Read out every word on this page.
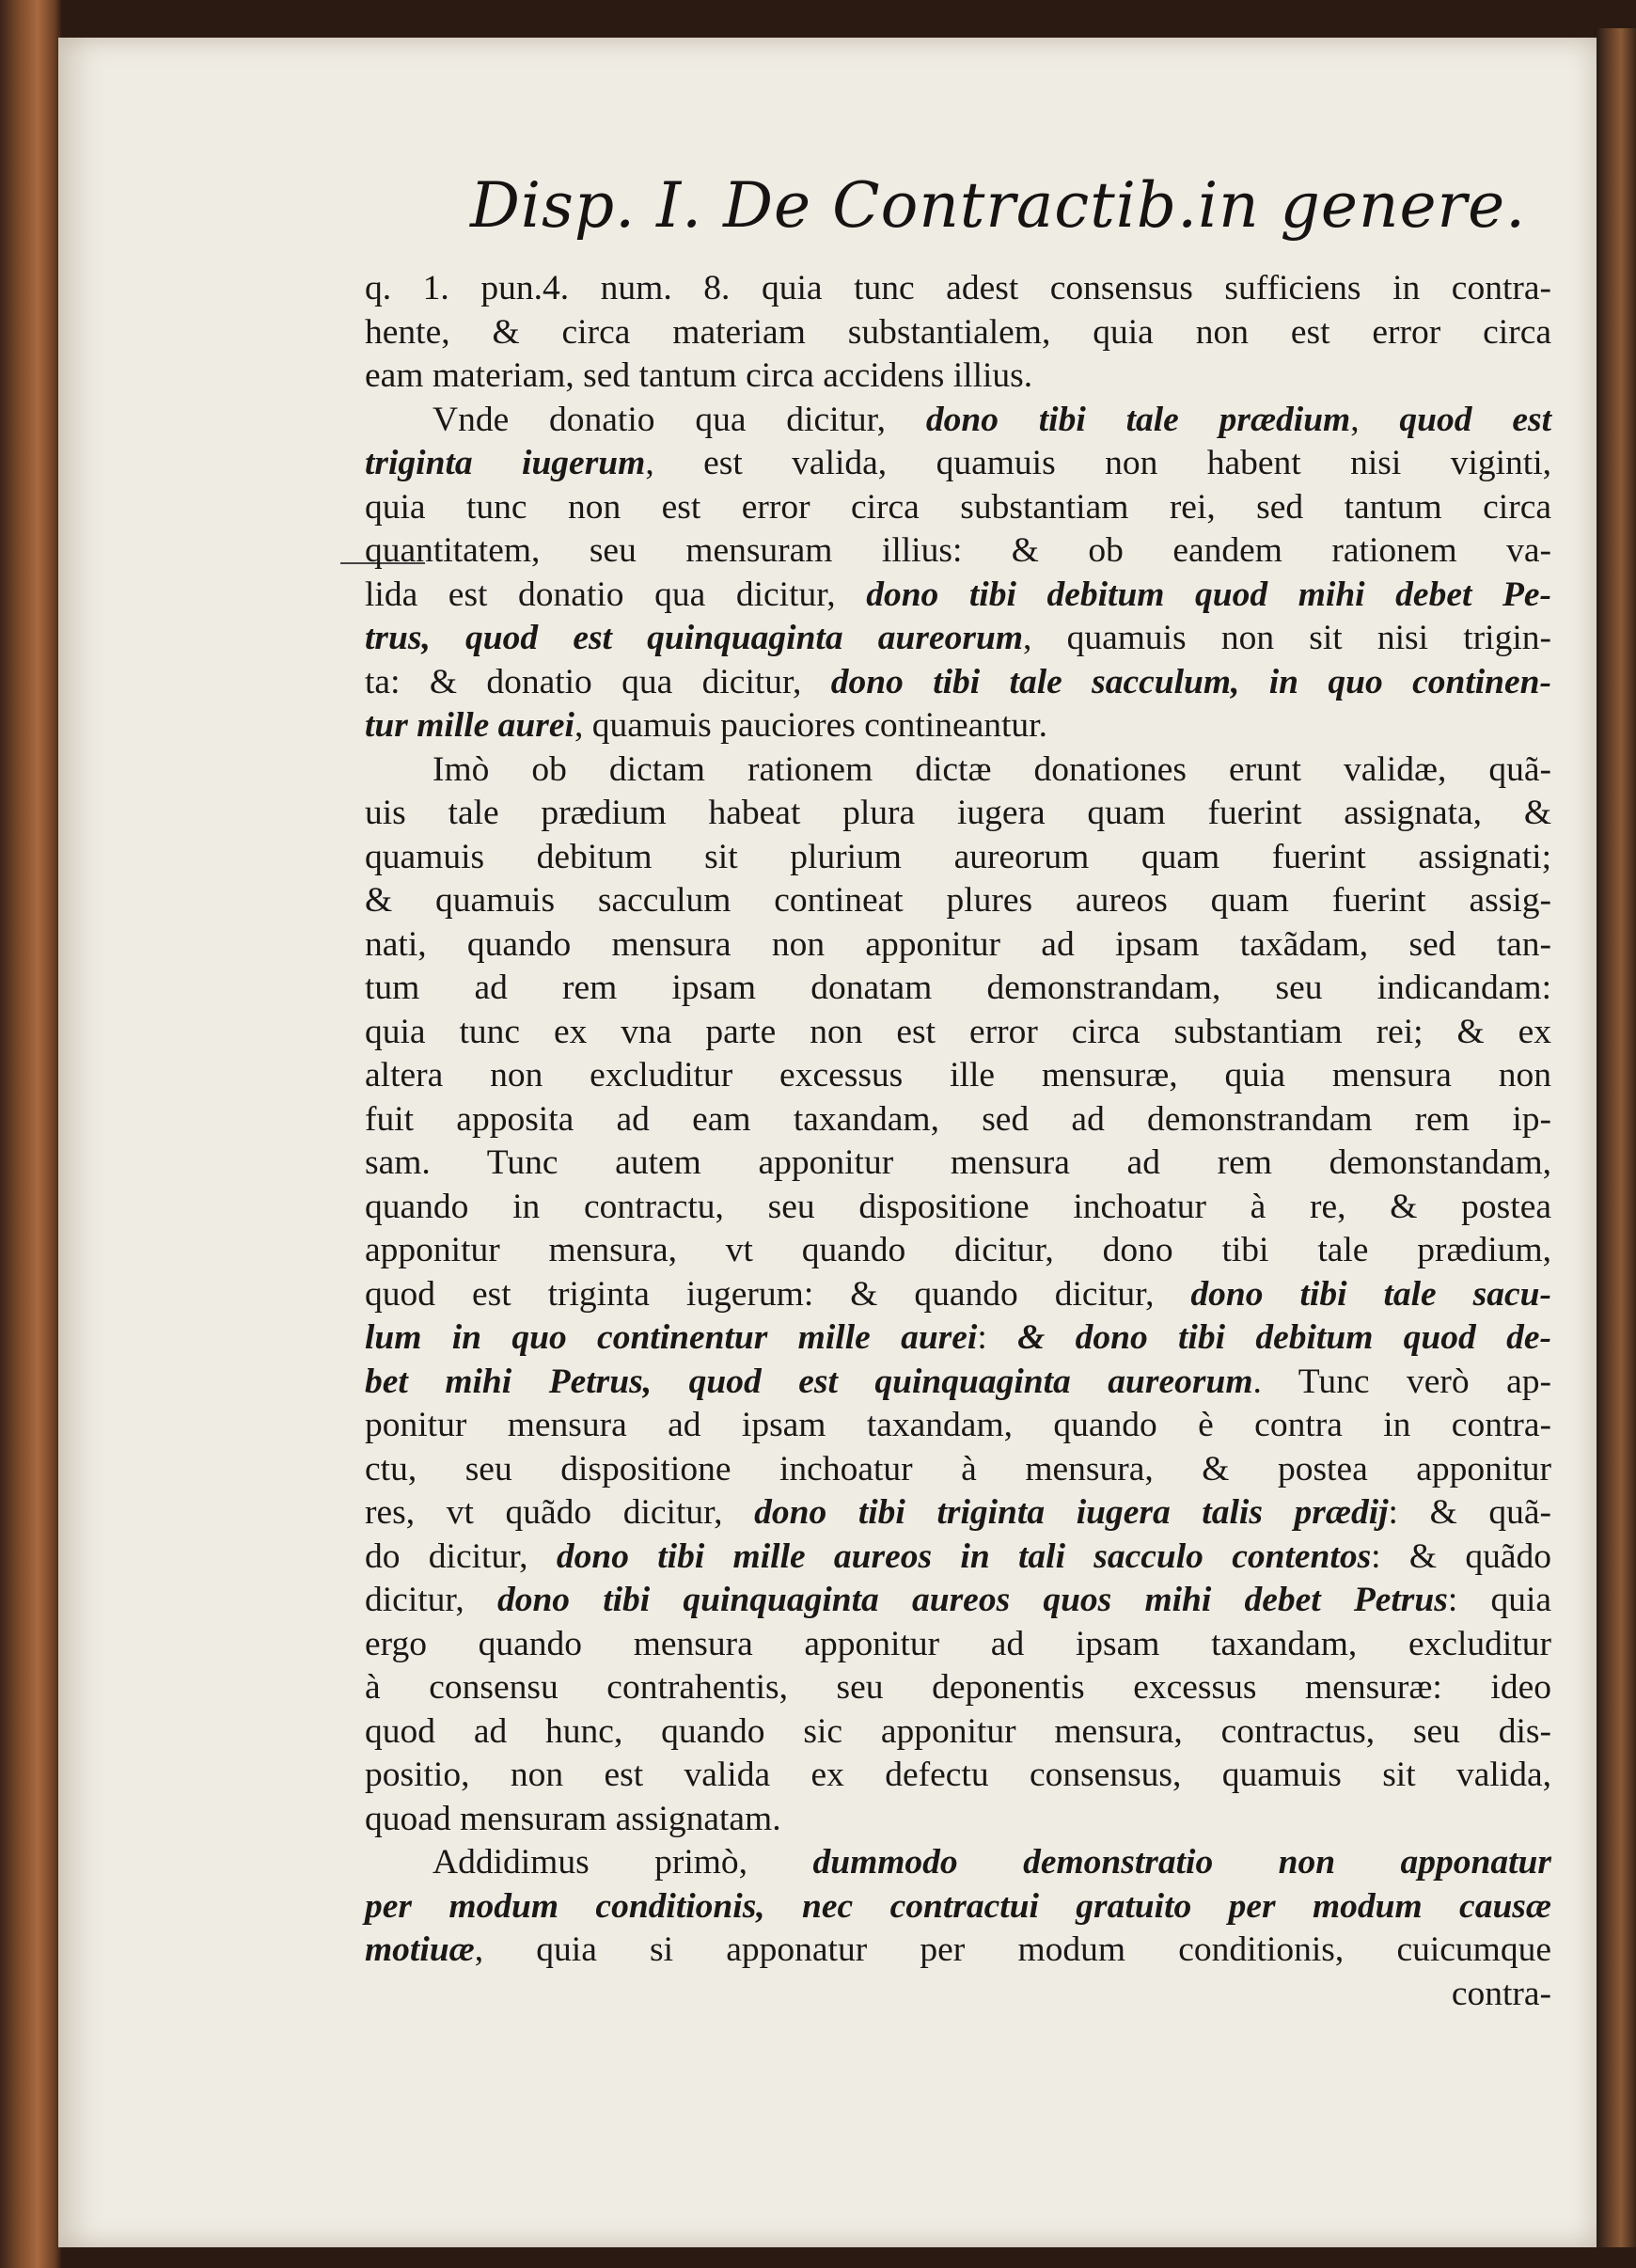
Disp. I. De Contractib.in genere.
q. 1. pun.4. num. 8. quia tunc adest consensus sufficiens in contra-
hente, & circa materiam substantialem, quia non est error circa
eam materiam, sed tantum circa accidens illius.
Vnde donatio qua dicitur, dono tibi tale prædium, quod est
triginta iugerum, est valida, quamuis non habent nisi viginti,
quia tunc non est error circa substantiam rei, sed tantum circa
quantitatem, seu mensuram illius: & ob eandem rationem va-
lida est donatio qua dicitur, dono tibi debitum quod mihi debet Pe-
trus, quod est quinquaginta aureorum, quamuis non sit nisi trigin-
ta: & donatio qua dicitur, dono tibi tale sacculum, in quo continen-
tur mille aurei, quamuis pauciores contineantur.
Imò ob dictam rationem dictæ donationes erunt validæ, quã-
uis tale prædium habeat plura iugera quam fuerint assignata, &
quamuis debitum sit plurium aureorum quam fuerint assignati;
& quamuis sacculum contineat plures aureos quam fuerint assig-
nati, quando mensura non apponitur ad ipsam taxãdam, sed tan-
tum ad rem ipsam donatam demonstrandam, seu indicandam:
quia tunc ex vna parte non est error circa substantiam rei; & ex
altera non excluditur excessus ille mensuræ, quia mensura non
fuit apposita ad eam taxandam, sed ad demonstrandam rem ip-
sam. Tunc autem apponitur mensura ad rem demonstandam,
quando in contractu, seu dispositione inchoatur à re, & postea
apponitur mensura, vt quando dicitur, dono tibi tale prædium,
quod est triginta iugerum: & quando dicitur, dono tibi tale sacu-
lum in quo continentur mille aurei: & dono tibi debitum quod de-
bet mihi Petrus, quod est quinquaginta aureorum. Tunc verò ap-
ponitur mensura ad ipsam taxandam, quando è contra in contra-
ctu, seu dispositione inchoatur à mensura, & postea apponitur
res, vt quãdo dicitur, dono tibi triginta iugera talis prædij: & quã-
do dicitur, dono tibi mille aureos in tali sacculo contentos: & quãdo
dicitur, dono tibi quinquaginta aureos quos mihi debet Petrus: quia
ergo quando mensura apponitur ad ipsam taxandam, excluditur
à consensu contrahentis, seu deponentis excessus mensuræ: ideo
quod ad hunc, quando sic apponitur mensura, contractus, seu dis-
positio, non est valida ex defectu consensus, quamuis sit valida,
quoad mensuram assignatam.
Addidimus primò, dummodo demonstratio non apponatur
per modum conditionis, nec contractui gratuito per modum causæ
motiuæ, quia si apponatur per modum conditionis, cuicumque
contra-
